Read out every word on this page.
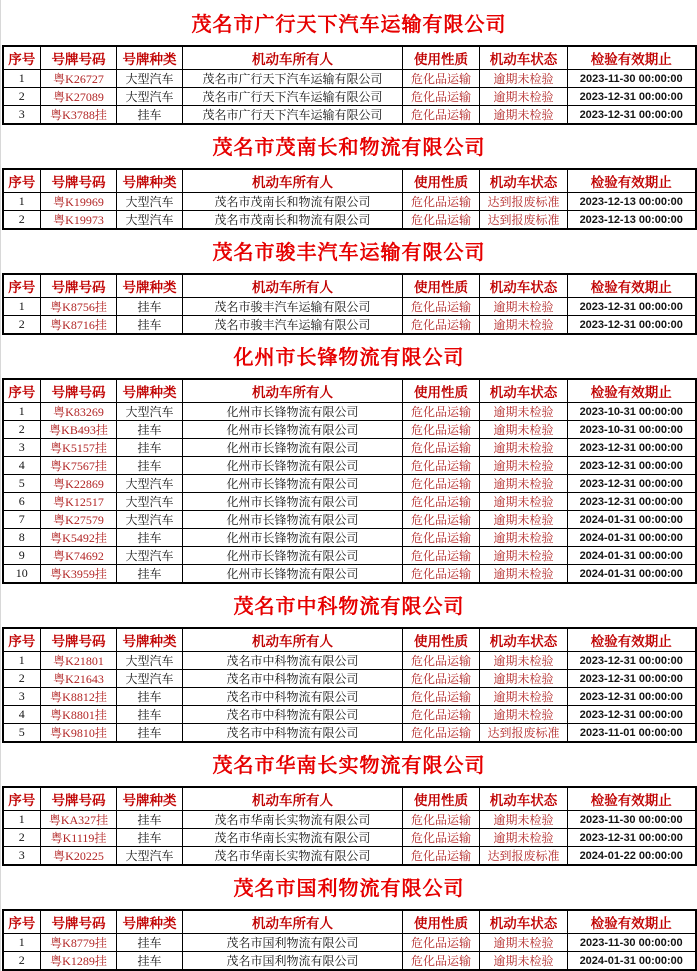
茂名市广行天下汽车运输有限公司
序号	号牌号码	号牌种类	机动车所有人	使用性质	机动车状态	检验有效期止
1	粤K26727	大型汽车	茂名市广行天下汽车运输有限公司	危化品运输	逾期未检验	2023-11-30 00:00:00
2	粤K27089	大型汽车	茂名市广行天下汽车运输有限公司	危化品运输	逾期未检验	2023-12-31 00:00:00
3	粤K3788挂	挂车	茂名市广行天下汽车运输有限公司	危化品运输	逾期未检验	2023-12-31 00:00:00
茂名市茂南长和物流有限公司
序号	号牌号码	号牌种类	机动车所有人	使用性质	机动车状态	检验有效期止
1	粤K19969	大型汽车	茂名市茂南长和物流有限公司	危化品运输	达到报废标准	2023-12-13 00:00:00
2	粤K19973	大型汽车	茂名市茂南长和物流有限公司	危化品运输	达到报废标准	2023-12-13 00:00:00
茂名市骏丰汽车运输有限公司
序号	号牌号码	号牌种类	机动车所有人	使用性质	机动车状态	检验有效期止
1	粤K8756挂	挂车	茂名市骏丰汽车运输有限公司	危化品运输	逾期未检验	2023-12-31 00:00:00
2	粤K8716挂	挂车	茂名市骏丰汽车运输有限公司	危化品运输	逾期未检验	2023-12-31 00:00:00
化州市长锋物流有限公司
序号	号牌号码	号牌种类	机动车所有人	使用性质	机动车状态	检验有效期止
1	粤K83269	大型汽车	化州市长锋物流有限公司	危化品运输	逾期未检验	2023-10-31 00:00:00
2	粤KB493挂	挂车	化州市长锋物流有限公司	危化品运输	逾期未检验	2023-10-31 00:00:00
3	粤K5157挂	挂车	化州市长锋物流有限公司	危化品运输	逾期未检验	2023-12-31 00:00:00
4	粤K7567挂	挂车	化州市长锋物流有限公司	危化品运输	逾期未检验	2023-12-31 00:00:00
5	粤K22869	大型汽车	化州市长锋物流有限公司	危化品运输	逾期未检验	2023-12-31 00:00:00
6	粤K12517	大型汽车	化州市长锋物流有限公司	危化品运输	逾期未检验	2023-12-31 00:00:00
7	粤K27579	大型汽车	化州市长锋物流有限公司	危化品运输	逾期未检验	2024-01-31 00:00:00
8	粤K5492挂	挂车	化州市长锋物流有限公司	危化品运输	逾期未检验	2024-01-31 00:00:00
9	粤K74692	大型汽车	化州市长锋物流有限公司	危化品运输	逾期未检验	2024-01-31 00:00:00
10	粤K3959挂	挂车	化州市长锋物流有限公司	危化品运输	逾期未检验	2024-01-31 00:00:00
茂名市中科物流有限公司
序号	号牌号码	号牌种类	机动车所有人	使用性质	机动车状态	检验有效期止
1	粤K21801	大型汽车	茂名市中科物流有限公司	危化品运输	逾期未检验	2023-12-31 00:00:00
2	粤K21643	大型汽车	茂名市中科物流有限公司	危化品运输	逾期未检验	2023-12-31 00:00:00
3	粤K8812挂	挂车	茂名市中科物流有限公司	危化品运输	逾期未检验	2023-12-31 00:00:00
4	粤K8801挂	挂车	茂名市中科物流有限公司	危化品运输	逾期未检验	2023-12-31 00:00:00
5	粤K9810挂	挂车	茂名市中科物流有限公司	危化品运输	达到报废标准	2023-11-01 00:00:00
茂名市华南长实物流有限公司
序号	号牌号码	号牌种类	机动车所有人	使用性质	机动车状态	检验有效期止
1	粤KA327挂	挂车	茂名市华南长实物流有限公司	危化品运输	逾期未检验	2023-11-30 00:00:00
2	粤K1119挂	挂车	茂名市华南长实物流有限公司	危化品运输	逾期未检验	2023-12-31 00:00:00
3	粤K20225	大型汽车	茂名市华南长实物流有限公司	危化品运输	达到报废标准	2024-01-22 00:00:00
茂名市国利物流有限公司
序号	号牌号码	号牌种类	机动车所有人	使用性质	机动车状态	检验有效期止
1	粤K8779挂	挂车	茂名市国利物流有限公司	危化品运输	逾期未检验	2023-11-30 00:00:00
2	粤K1289挂	挂车	茂名市国利物流有限公司	危化品运输	逾期未检验	2024-01-31 00:00:00
